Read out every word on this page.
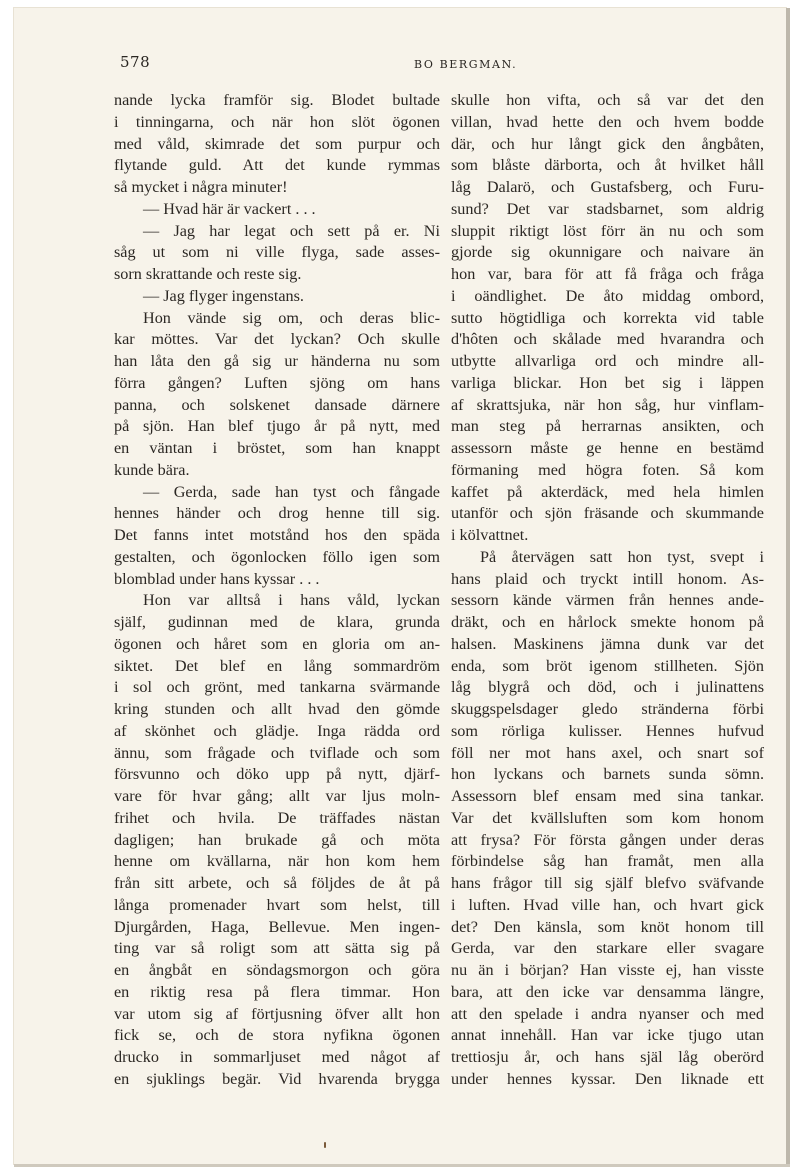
578	BO BERGMAN.
nande lycka framför sig. Blodet bultade
i tinningarna, och när hon slöt ögonen
med våld, skimrade det som purpur och
flytande guld. Att det kunde rymmas
så mycket i några minuter!
— Hvad här är vackert . . .
— Jag har legat och sett på er. Ni
såg ut som ni ville flyga, sade asses-
sorn skrattande och reste sig.
— Jag flyger ingenstans.
Hon vände sig om, och deras blic-
kar möttes. Var det lyckan? Och skulle
han låta den gå sig ur händerna nu som
förra gången? Luften sjöng om hans
panna, och solskenet dansade därnere
på sjön. Han blef tjugo år på nytt, med
en väntan i bröstet, som han knappt
kunde bära.
— Gerda, sade han tyst och fångade
hennes händer och drog henne till sig.
Det fanns intet motstånd hos den späda
gestalten, och ögonlocken föllo igen som
blomblad under hans kyssar . . .
Hon var alltså i hans våld, lyckan
själf, gudinnan med de klara, grunda
ögonen och håret som en gloria om an-
siktet. Det blef en lång sommardröm
i sol och grönt, med tankarna svärmande
kring stunden och allt hvad den gömde
af skönhet och glädje. Inga rädda ord
ännu, som frågade och tviflade och som
försvunno och döko upp på nytt, djärf-
vare för hvar gång; allt var ljus moln-
frihet och hvila. De träffades nästan
dagligen; han brukade gå och möta
henne om kvällarna, när hon kom hem
från sitt arbete, och så följdes de åt på
långa promenader hvart som helst, till
Djurgården, Haga, Bellevue. Men ingen-
ting var så roligt som att sätta sig på
en ångbåt en söndagsmorgon och göra
en riktig resa på flera timmar. Hon
var utom sig af förtjusning öfver allt hon
fick se, och de stora nyfikna ögonen
drucko in sommarljuset med något af
en sjuklings begär. Vid hvarenda brygga
skulle hon vifta, och så var det den
villan, hvad hette den och hvem bodde
där, och hur långt gick den ångbåten,
som blåste därborta, och åt hvilket håll
låg Dalarö, och Gustafsberg, och Furu-
sund? Det var stadsbarnet, som aldrig
sluppit riktigt löst förr än nu och som
gjorde sig okunnigare och naivare än
hon var, bara för att få fråga och fråga
i oändlighet. De åto middag ombord,
sutto högtidliga och korrekta vid table
d'hôten och skålade med hvarandra och
utbytte allvarliga ord och mindre all-
varliga blickar. Hon bet sig i läppen
af skrattsjuka, när hon såg, hur vinflam-
man steg på herrarnas ansikten, och
assessorn måste ge henne en bestämd
förmaning med högra foten. Så kom
kaffet på akterdäck, med hela himlen
utanför och sjön fräsande och skummande
i kölvattnet.
På återvägen satt hon tyst, svept i
hans plaid och tryckt intill honom. As-
sessorn kände värmen från hennes ande-
dräkt, och en hårlock smekte honom på
halsen. Maskinens jämna dunk var det
enda, som bröt igenom stillheten. Sjön
låg blygrå och död, och i julinattens
skuggspelsdager gledo stränderna förbi
som rörliga kulisser. Hennes hufvud
föll ner mot hans axel, och snart sof
hon lyckans och barnets sunda sömn.
Assessorn blef ensam med sina tankar.
Var det kvällsluften som kom honom
att frysa? För första gången under deras
förbindelse såg han framåt, men alla
hans frågor till sig själf blefvo sväfvande
i luften. Hvad ville han, och hvart gick
det? Den känsla, som knöt honom till
Gerda, var den starkare eller svagare
nu än i början? Han visste ej, han visste
bara, att den icke var densamma längre,
att den spelade i andra nyanser och med
annat innehåll. Han var icke tjugo utan
trettiosju år, och hans själ låg oberörd
under hennes kyssar. Den liknade ett
